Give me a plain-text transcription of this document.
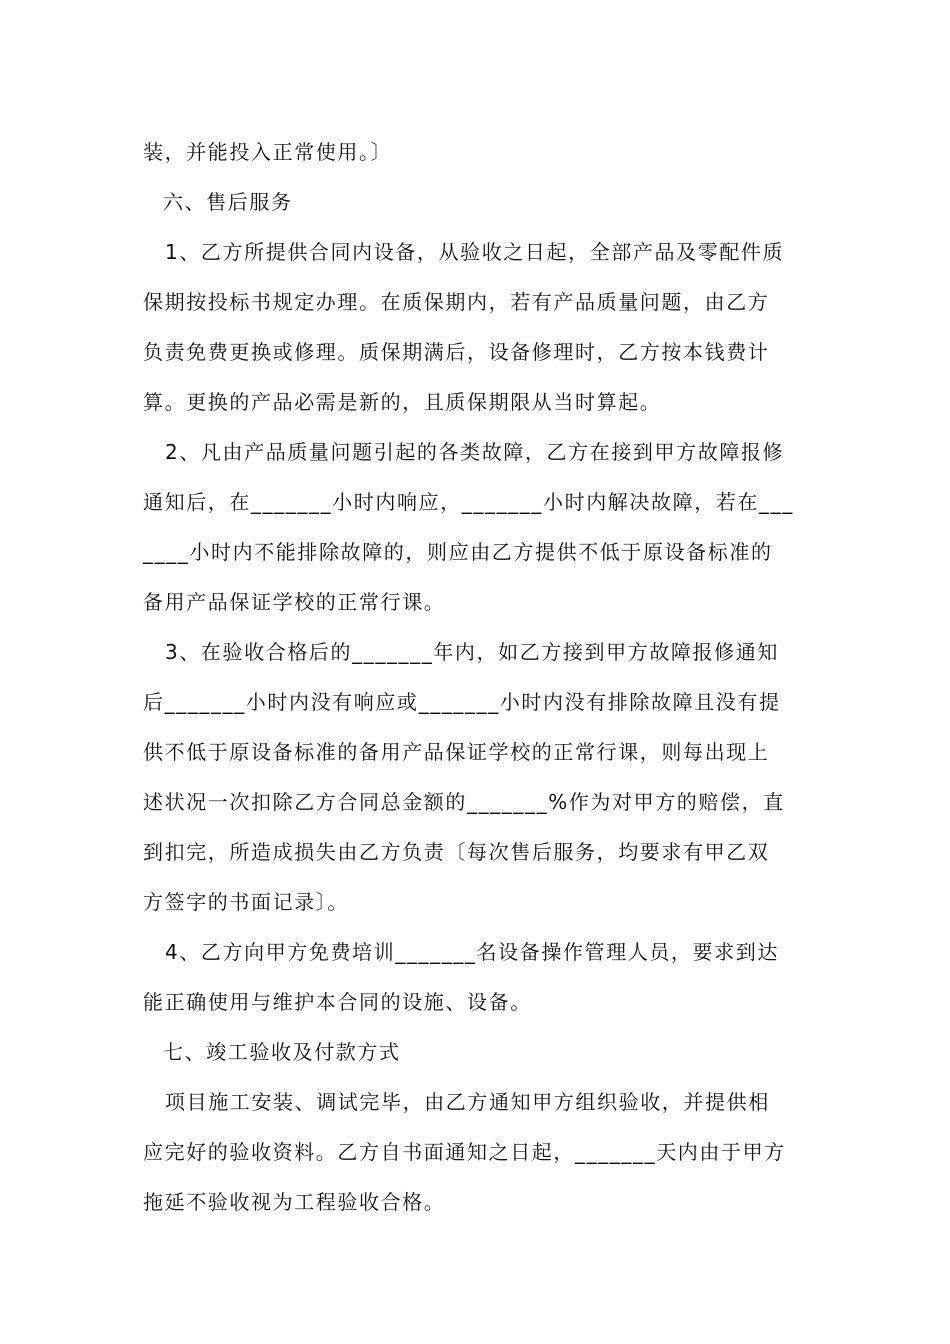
装，并能投入正常使用。〕
六、售后服务
1、乙方所提供合同内设备，从验收之日起，全部产品及零配件质
保期按投标书规定办理。在质保期内，若有产品质量问题，由乙方
负责免费更换或修理。质保期满后，设备修理时，乙方按本钱费计
算。更换的产品必需是新的，且质保期限从当时算起。
2、凡由产品质量问题引起的各类故障，乙方在接到甲方故障报修
通知后，在_______小时内响应，_______小时内解决故障，若在___
____小时内不能排除故障的，则应由乙方提供不低于原设备标准的
备用产品保证学校的正常行课。
3、在验收合格后的_______年内，如乙方接到甲方故障报修通知
后_______小时内没有响应或_______小时内没有排除故障且没有提
供不低于原设备标准的备用产品保证学校的正常行课，则每出现上
述状况一次扣除乙方合同总金额的_______%作为对甲方的赔偿，直
到扣完，所造成损失由乙方负责〔每次售后服务，均要求有甲乙双
方签字的书面记录〕。
4、乙方向甲方免费培训_______名设备操作管理人员，要求到达
能正确使用与维护本合同的设施、设备。
七、竣工验收及付款方式
项目施工安装、调试完毕，由乙方通知甲方组织验收，并提供相
应完好的验收资料。乙方自书面通知之日起，_______天内由于甲方
拖延不验收视为工程验收合格。
